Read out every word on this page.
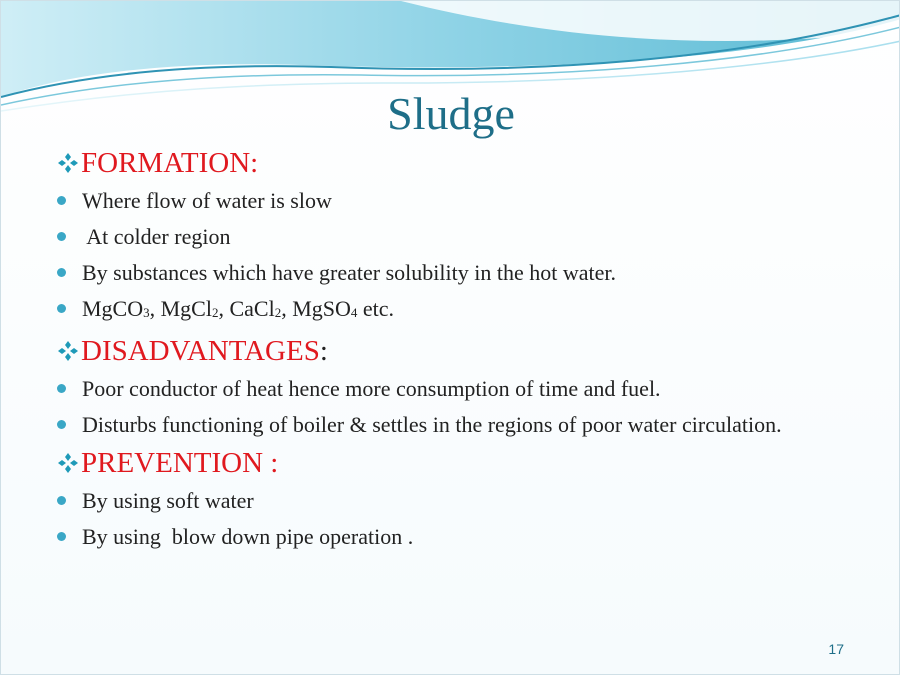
Sludge
FORMATION:
Where flow of water is slow
At colder region
By substances which have greater solubility in the hot water.
MgCO$_3$, MgCl$_2$, CaCl$_2$, MgSO$_4$ etc.
DISADVANTAGES :
Poor conductor of heat hence more consumption of time and fuel.
Disturbs functioning of boiler & settles in the regions of poor water circulation.
PREVENTION :
By using soft water
By using  blow down pipe operation .
17
